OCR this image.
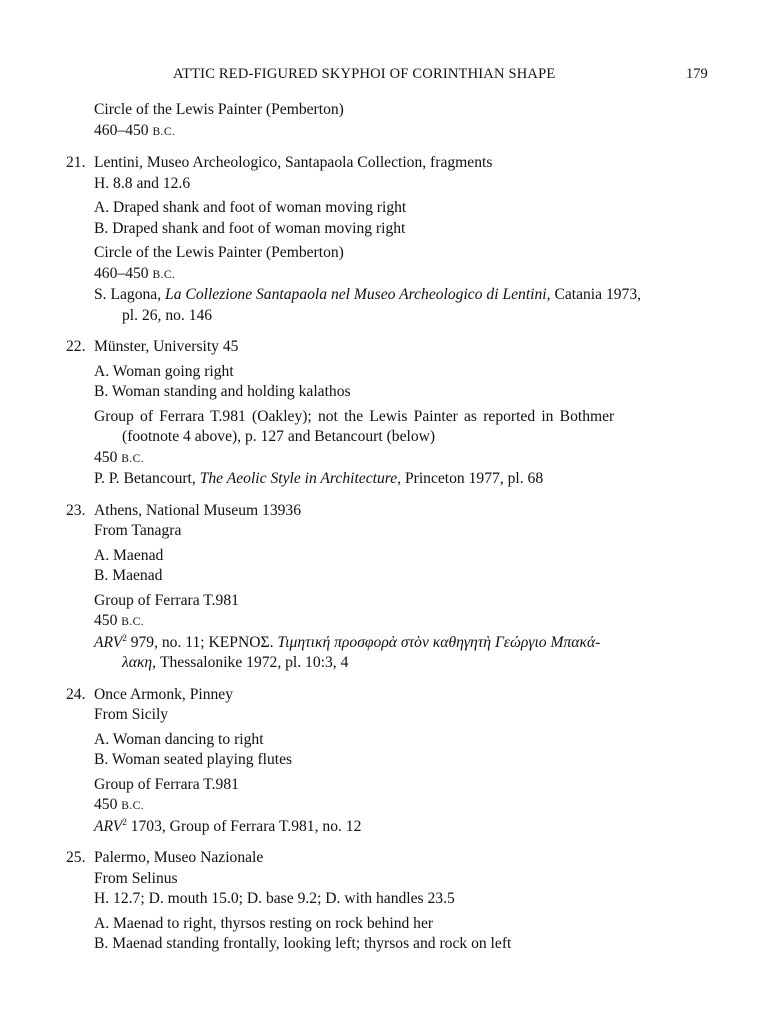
ATTIC RED-FIGURED SKYPHOI OF CORINTHIAN SHAPE	179
Circle of the Lewis Painter (Pemberton)
460–450 B.C.
21. Lentini, Museo Archeologico, Santapaola Collection, fragments
H. 8.8 and 12.6
A. Draped shank and foot of woman moving right
B. Draped shank and foot of woman moving right
Circle of the Lewis Painter (Pemberton)
460–450 B.C.
S. Lagona, La Collezione Santapaola nel Museo Archeologico di Lentini, Catania 1973,
pl. 26, no. 146
22. Münster, University 45
A. Woman going right
B. Woman standing and holding kalathos
Group of Ferrara T.981 (Oakley); not the Lewis Painter as reported in Bothmer
(footnote 4 above), p. 127 and Betancourt (below)
450 B.C.
P. P. Betancourt, The Aeolic Style in Architecture, Princeton 1977, pl. 68
23. Athens, National Museum 13936
From Tanagra
A. Maenad
B. Maenad
Group of Ferrara T.981
450 B.C.
ARV$^2$ 979, no. 11; ΚΕΡΝΟΣ. Τιμητική προσφορὰ στὸν καθηγητὴ Γεώργιο Μπακά-
λακη, Thessalonike 1972, pl. 10:3, 4
24. Once Armonk, Pinney
From Sicily
A. Woman dancing to right
B. Woman seated playing flutes
Group of Ferrara T.981
450 B.C.
ARV$^2$ 1703, Group of Ferrara T.981, no. 12
25. Palermo, Museo Nazionale
From Selinus
H. 12.7; D. mouth 15.0; D. base 9.2; D. with handles 23.5
A. Maenad to right, thyrsos resting on rock behind her
B. Maenad standing frontally, looking left; thyrsos and rock on left
